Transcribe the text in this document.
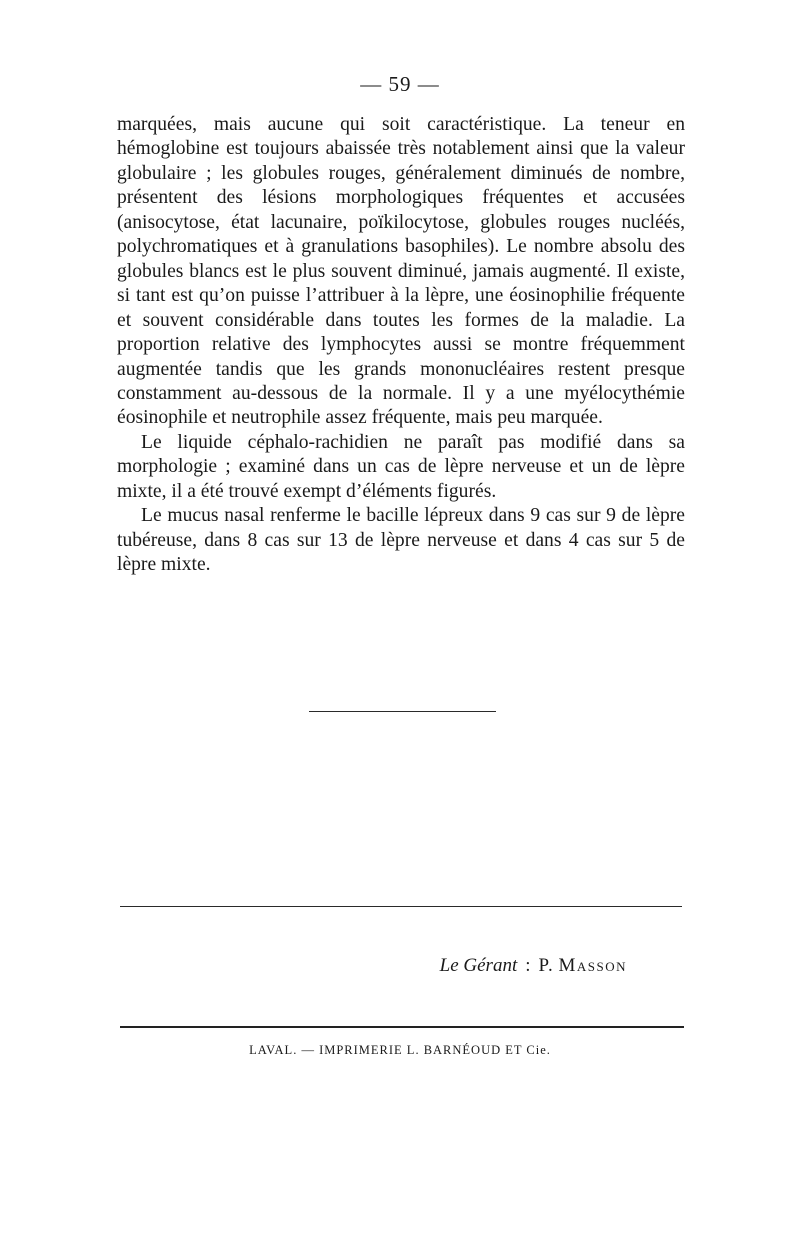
— 59 —

marquées, mais aucune qui soit caractéristique. La teneur en hémoglobine est toujours abaissée très notablement ainsi que la valeur globulaire ; les globules rouges, généralement diminués de nombre, présentent des lésions morphologiques fréquentes et accusées (anisocytose, état lacunaire, poïkilocytose, globules rouges nucléés, polychromatiques et à granulations basophiles). Le nombre absolu des globules blancs est le plus souvent diminué, jamais augmenté. Il existe, si tant est qu’on puisse l’attribuer à la lèpre, une éosinophilie fréquente et souvent considérable dans toutes les formes de la maladie. La proportion relative des lymphocytes aussi se montre fréquemment augmentée tandis que les grands mononucléaires restent presque constamment au-dessous de la normale. Il y a une myélocythémie éosinophile et neutrophile assez fréquente, mais peu marquée.

Le liquide céphalo-rachidien ne paraît pas modifié dans sa morphologie ; examiné dans un cas de lèpre nerveuse et un de lèpre mixte, il a été trouvé exempt d’éléments figurés.

Le mucus nasal renferme le bacille lépreux dans 9 cas sur 9 de lèpre tubéreuse, dans 8 cas sur 13 de lèpre nerveuse et dans 4 cas sur 5 de lèpre mixte.

Le Gérant : P. Masson
LAVAL. — IMPRIMERIE L. BARNÉOUD ET Cie.
